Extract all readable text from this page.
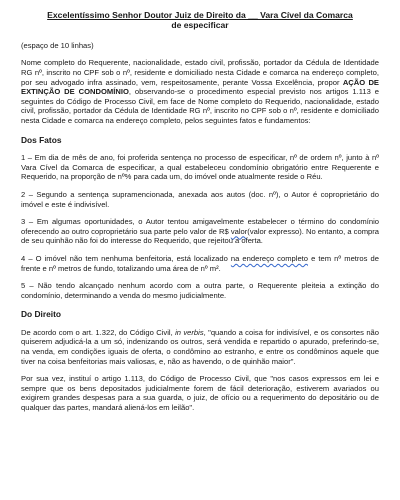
Excelentíssimo Senhor Doutor Juiz de Direito da __ Vara Cível da Comarca
de especificar
(espaço de 10 linhas)

Nome completo do Requerente, nacionalidade, estado civil, profissão, portador da Cédula de Identidade RG nº, inscrito no CPF sob o nº, residente e domiciliado nesta Cidade e comarca na endereço completo, por seu advogado infra assinado, vem, respeitosamente, perante Vossa Excelência, propor AÇÃO DE EXTINÇÃO DE CONDOMÍNIO, observando-se o procedimento especial previsto nos artigos 1.113 e seguintes do Código de Processo Civil, em face de Nome completo do Requerido, nacionalidade, estado civil, profissão, portador da Cédula de Identidade RG nº, inscrito no CPF sob o nº, residente e domiciliado nesta Cidade e comarca na endereço completo, pelos seguintes fatos e fundamentos:

Dos Fatos

1 – Em dia de mês de ano, foi proferida sentença no processo de especificar, nº de ordem nº, junto à nº Vara Cível da Comarca de especificar, a qual estabeleceu condomínio obrigatório entre Requerente e Requerido, na proporção de nº% para cada um, do imóvel onde atualmente reside o Réu.

2 – Segundo a sentença supramencionada, anexada aos autos (doc. nº), o Autor é coproprietário do imóvel e este é indivisível.

3 – Em algumas oportunidades, o Autor tentou amigavelmente estabelecer o término do condomínio oferecendo ao outro coproprietário sua parte pelo valor de R$ valor(valor expresso). No entanto, a compra de seu quinhão não foi do interesse do Requerido, que rejeitou a oferta.

4 – O imóvel não tem nenhuma benfeitoria, está localizado na endereço completo e tem nº metros de frente e nº metros de fundo, totalizando uma área de nº m².

5 – Não tendo alcançado nenhum acordo com a outra parte, o Requerente pleiteia a extinção do condomínio, determinando a venda do mesmo judicialmente.

Do Direito

De acordo com o art. 1.322, do Código Civil, in verbis, "quando a coisa for indivisível, e os consortes não quiserem adjudicá-la a um só, indenizando os outros, será vendida e repartido o apurado, preferindo-se, na venda, em condições iguais de oferta, o condômino ao estranho, e entre os condôminos aquele que tiver na coisa benfeitorias mais valiosas, e, não as havendo, o de quinhão maior".

Por sua vez, instituí o artigo 1.113, do Código de Processo Civil, que "nos casos expressos em lei e sempre que os bens depositados judicialmente forem de fácil deterioração, estiverem avariados ou exigirem grandes despesas para a sua guarda, o juiz, de ofício ou a requerimento do depositário ou de qualquer das partes, mandará aliená-los em leilão".
